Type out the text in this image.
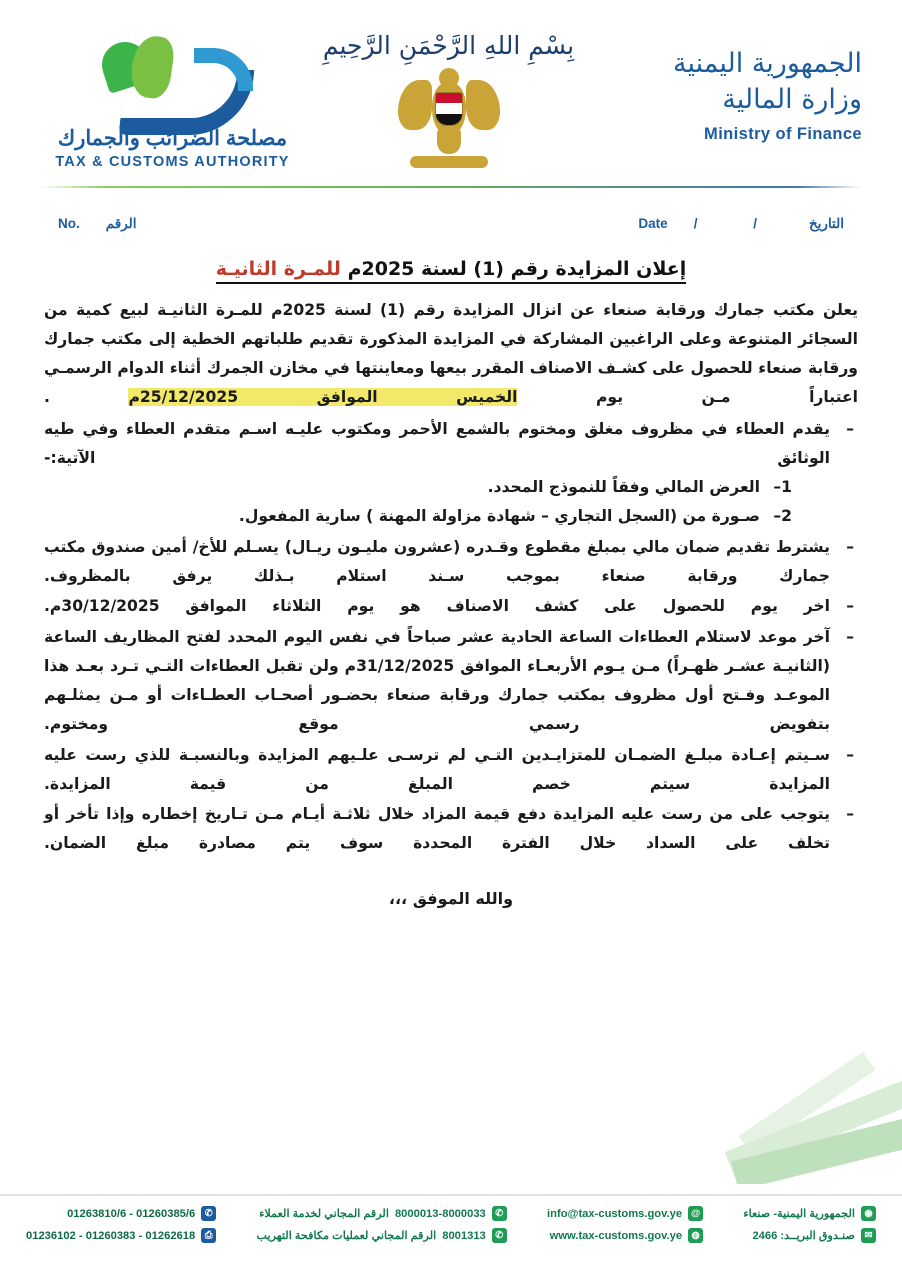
الجمهورية اليمنية
وزارة المالية
Ministry of Finance
بِسْمِ اللهِ الرَّحْمَنِ الرَّحِيمِ
مصلحة الضرائب والجمارك
TAX & CUSTOMS AUTHORITY
No. الرقم	Date / / التاريخ
إعلان المزايدة رقم (1) لسنة 2025م للمـرة الثانيـة

يعلن مكتب جمارك ورقابة صنعاء عن انزال المزايدة رقم (1) لسنة 2025م للمـرة الثانيـة لبيع كمية من السجائر المتنوعة وعلى الراغبين المشاركة في المزايدة المذكورة تقديم طلباتهم الخطية إلى مكتب جمارك ورقابة صنعاء للحصول على كشـف الاصناف المقرر بيعها ومعاينتها في مخازن الجمرك أثناء الدوام الرسمـي اعتباراً مـن يوم الخميس الموافق 25/12/2025م .

– يقدم العطاء في مظروف مغلق ومختوم بالشمع الأحمر ومكتوب عليـه اسـم متقدم العطاء وفي طيه الوثائق الآتية:-
1–
العرض المالي وفقاً للنموذج المحدد.
2–
صـورة من (السجل التجاري – شهادة مزاولة المهنة ) سارية المفعول.
– يشترط تقديم ضمان مالي بمبلغ مقطوع وقـدره (عشرون مليـون ريـال) يسـلم للأخ/ أمين صندوق مكتب جمارك ورقابة صنعاء بموجب سـند استلام بـذلك يرفق بالمظروف.
– اخر يوم للحصول على كشف الاصناف هو يوم الثلاثاء الموافق 30/12/2025م.
– آخر موعد لاستلام العطاءات الساعة الحادية عشر صباحاً في نفس اليوم المحدد لفتح المظاريف الساعة (الثانيـة عشـر ظهـراً) مـن يـوم الأربعـاء الموافق 31/12/2025م ولن تقبل العطاءات التـي تـرد بعـد هذا الموعـد وفـتح أول مظروف بمكتب جمارك ورقابة صنعاء بحضـور أصحـاب العطـاءات أو مـن يمثلـهم بتفويض رسمي موقع ومختوم.
– سـيتم إعـادة مبلـغ الضمـان للمتزايـدين التـي لم ترسـى علـيهم المزايدة وبالنسبـة للذي رست عليه المزايدة سيتم خصم المبلغ من قيمة المزايدة.
– يتوجب على من رست عليه المزايدة دفع قيمة المزاد خلال ثلاثـة أيـام مـن تـاريخ إخطاره وإذا تأخر أو تخلف على السداد خلال الفترة المحددة سوف يتم مصادرة مبلغ الضمان.
والله الموفق ،،،
◉
الجمهورية اليمنية- صنعاء
✉
صنـدوق البريــد: 2466
@
info@tax-customs.gov.ye
◍
www.tax-customs.gov.ye
✆
8000013-8000033
الرقم المجاني لخدمة العملاء
✆
8001313
الرقم المجاني لعمليات مكافحة التهريب
✆
01263810/6 - 01260385/6
⎙
01236102 - 01260383 - 01262618
